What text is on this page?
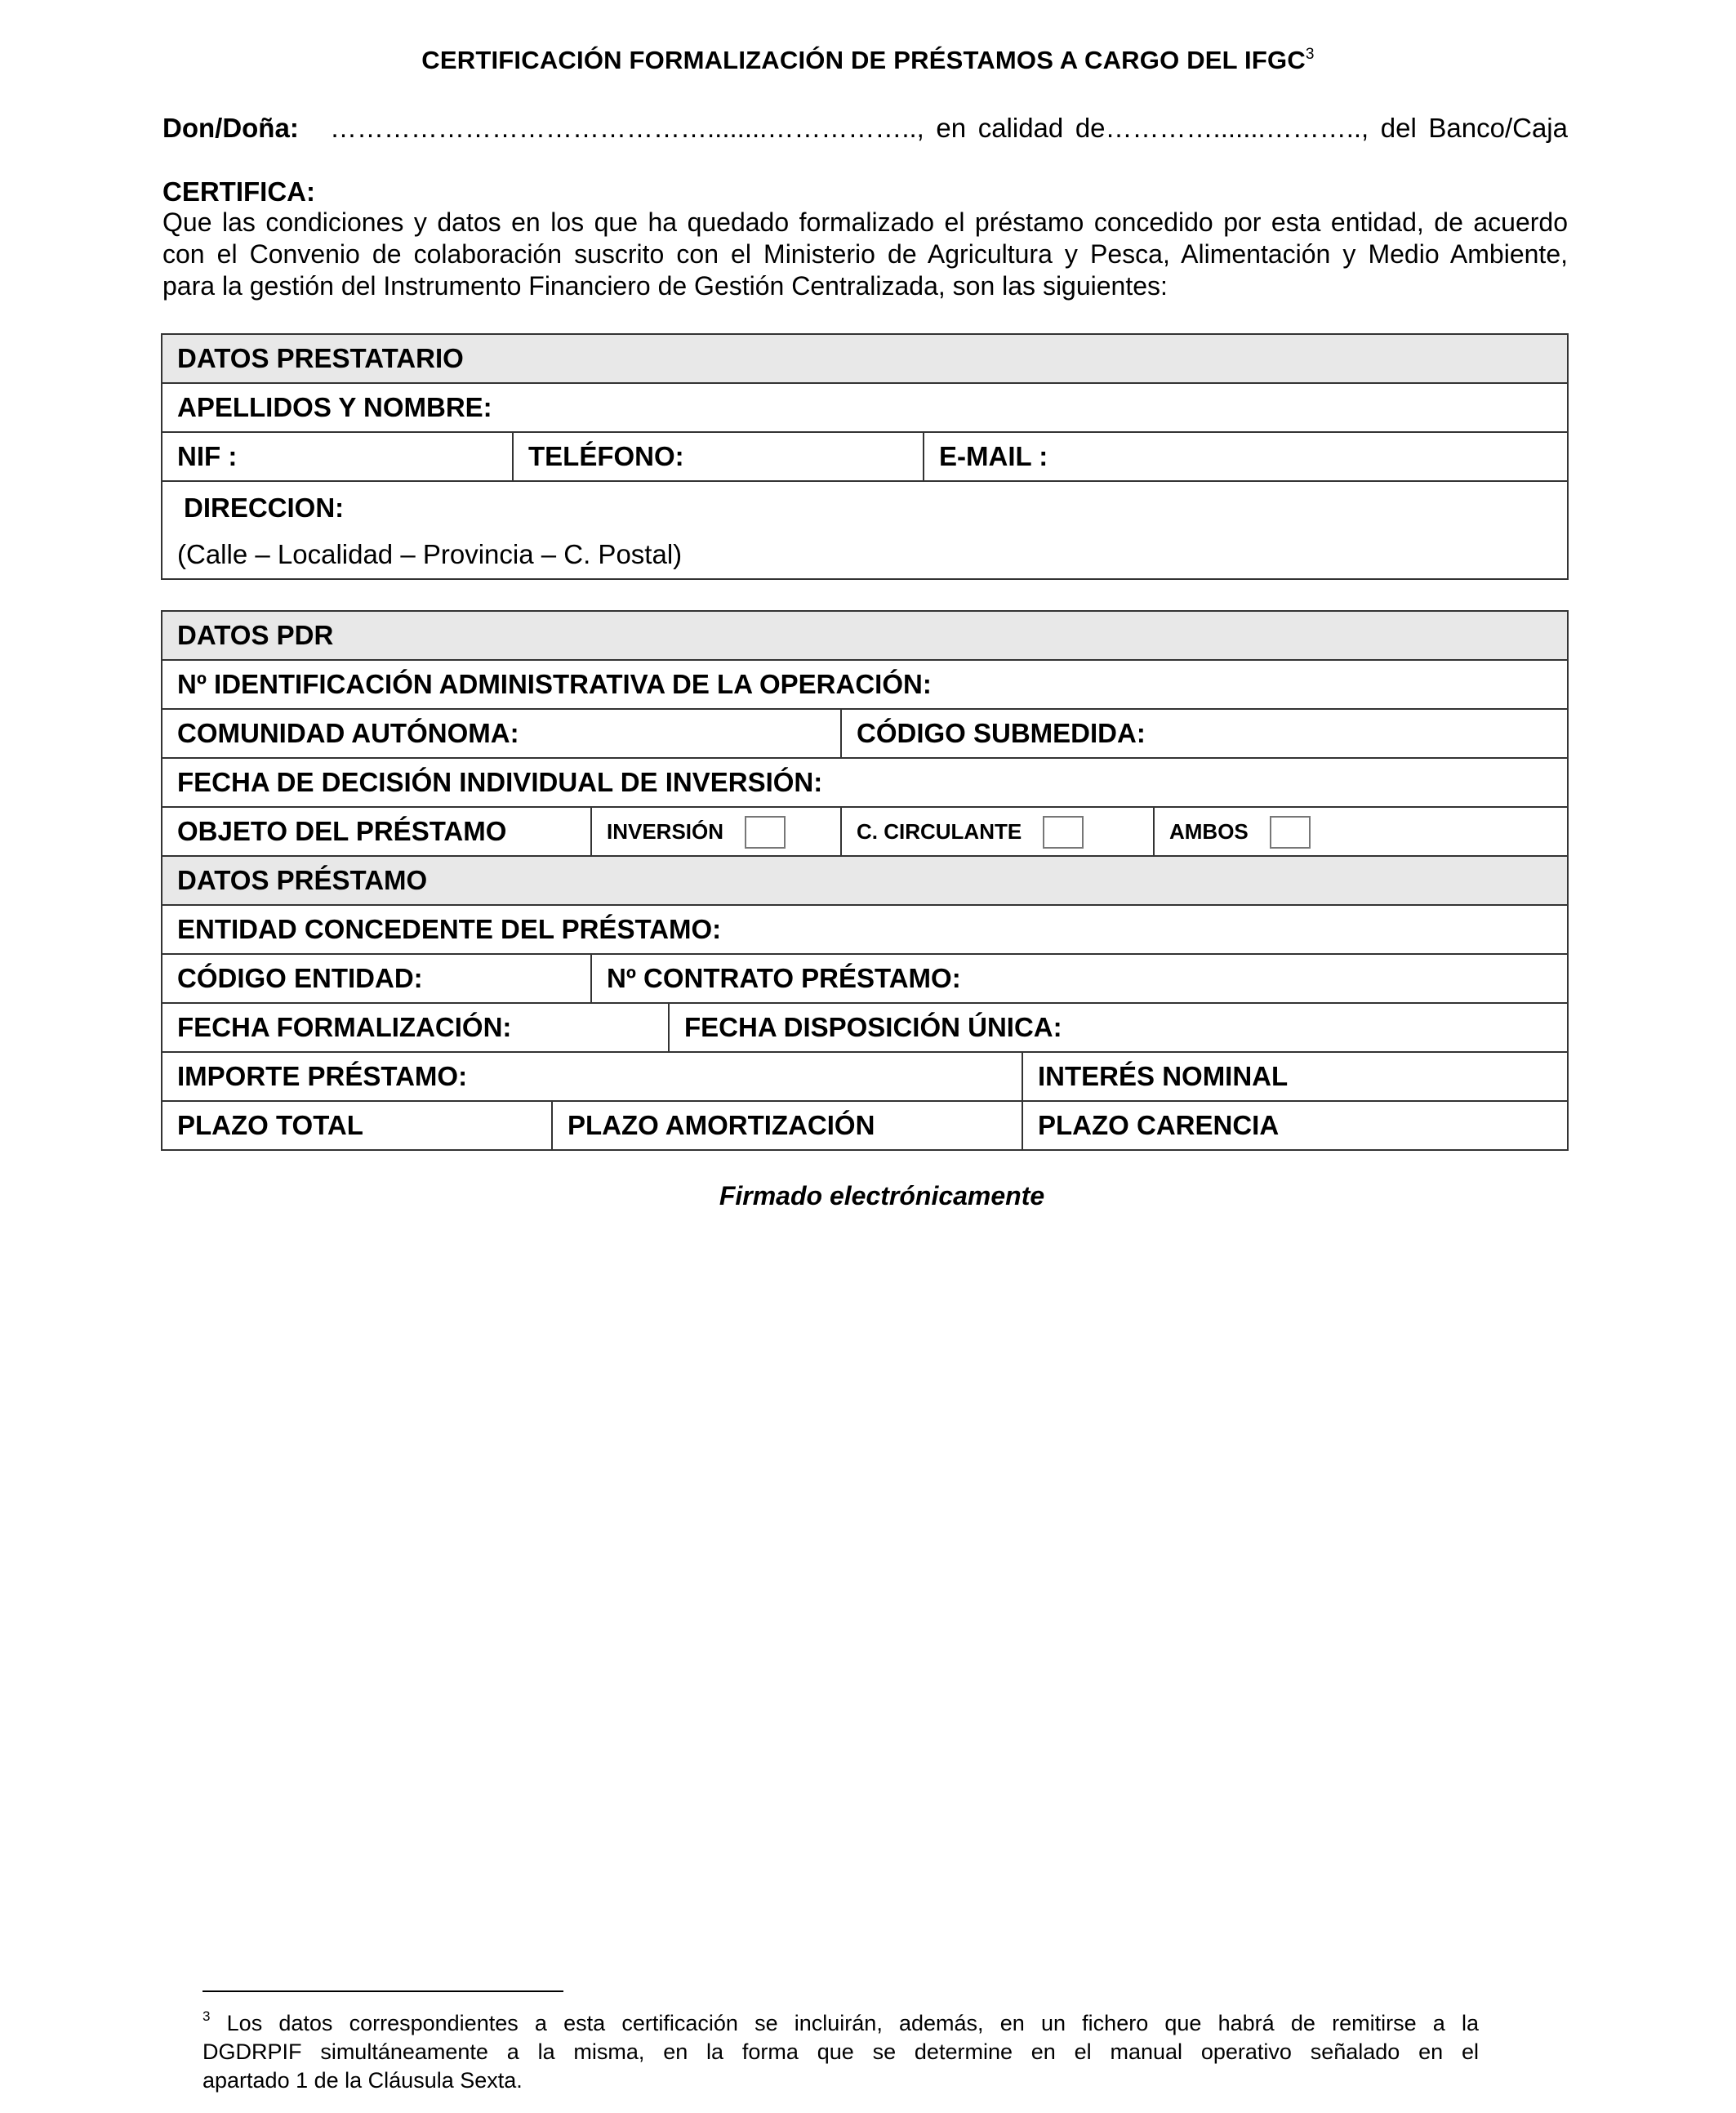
CERTIFICACIÓN FORMALIZACIÓN DE PRÉSTAMOS A CARGO DEL IFGC$^3$
Don/Doña: ……………………………………........…………….., en calidad de………….......……….., del Banco/Caja
CERTIFICA:
Que las condiciones y datos en los que ha quedado formalizado el préstamo concedido por esta entidad, de acuerdo
con el Convenio de colaboración suscrito con el Ministerio de Agricultura y Pesca, Alimentación y Medio Ambiente,
para la gestión del Instrumento Financiero de Gestión Centralizada, son las siguientes:
DATOS PRESTATARIO
APELLIDOS Y NOMBRE:
NIF :	TELÉFONO:	E-MAIL :

DIRECCION:
(Calle – Localidad – Provincia – C. Postal)
DATOS PDR						
Nº IDENTIFICACIÓN ADMINISTRATIVA DE LA OPERACIÓN:						
COMUNIDAD AUTÓNOMA:				CÓDIGO SUBMEDIDA:		
FECHA DE DECISIÓN INDIVIDUAL DE INVERSIÓN:						
OBJETO DEL PRÉSTAMO		INVERSIÓN		C. CIRCULANTE		AMBOS

DATOS PRÉSTAMO						
ENTIDAD CONCEDENTE DEL PRÉSTAMO:						
CÓDIGO ENTIDAD:		Nº CONTRATO PRÉSTAMO:				
FECHA FORMALIZACIÓN:			FECHA DISPOSICIÓN ÚNICA:			
IMPORTE PRÉSTAMO:					INTERÉS NOMINAL	
PLAZO TOTAL	PLAZO AMORTIZACIÓN				PLAZO CARENCIA	
Firmado electrónicamente
$^3$ Los datos correspondientes a esta certificación se incluirán, además, en un fichero que habrá de remitirse a la
DGDRPIF simultáneamente a la misma, en la forma que se determine en el manual operativo señalado en el
apartado 1 de la Cláusula Sexta.
